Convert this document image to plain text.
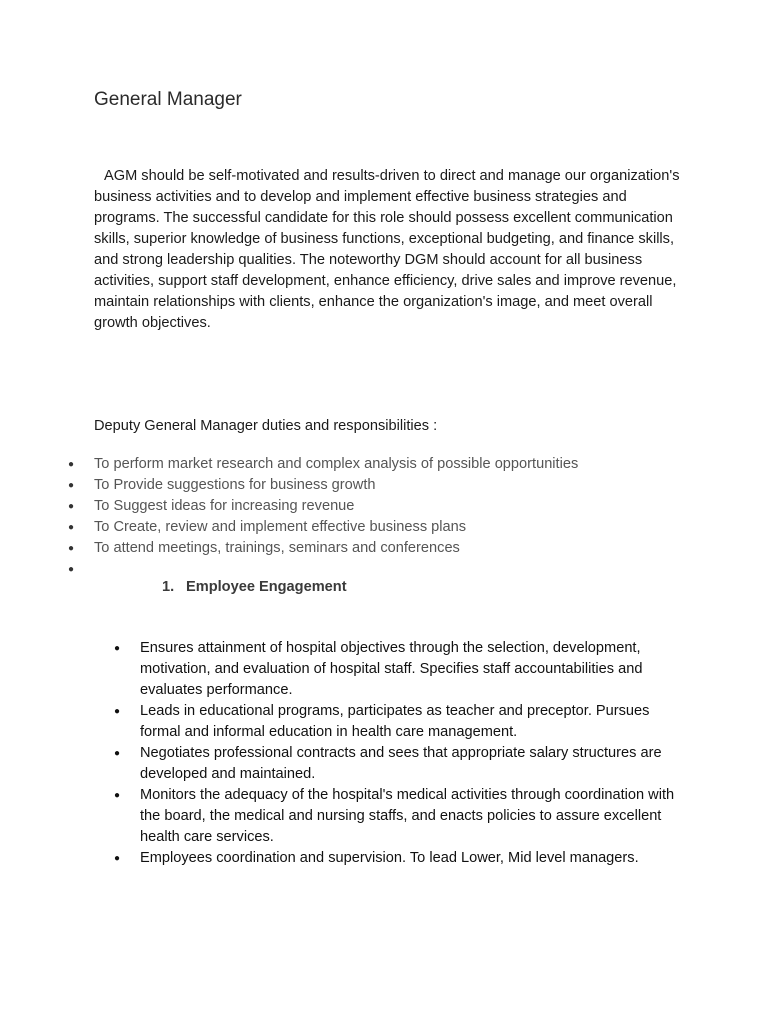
General Manager

AGM should be self-motivated and results-driven to direct and manage our organization's business activities and to develop and implement effective business strategies and programs. The successful candidate for this role should possess excellent communication skills, superior knowledge of business functions, exceptional budgeting, and finance skills, and strong leadership qualities. The noteworthy DGM should account for all business activities, support staff development, enhance efficiency, drive sales and improve revenue, maintain relationships with clients, enhance the organization's image, and meet overall growth objectives.

Deputy General Manager duties and responsibilities :

● To perform market research and complex analysis of possible opportunities
● To Provide suggestions for business growth
● To Suggest ideas for increasing revenue
● To Create, review and implement effective business plans
● To attend meetings, trainings, seminars and conferences
●

1. Employee Engagement

● Ensures attainment of hospital objectives through the selection, development, motivation, and evaluation of hospital staff. Specifies staff accountabilities and evaluates performance.
● Leads in educational programs, participates as teacher and preceptor. Pursues formal and informal education in health care management.
● Negotiates professional contracts and sees that appropriate salary structures are developed and maintained.
● Monitors the adequacy of the hospital's medical activities through coordination with the board, the medical and nursing staffs, and enacts policies to assure excellent health care services.
● Employees coordination and supervision. To lead Lower, Mid level managers.
